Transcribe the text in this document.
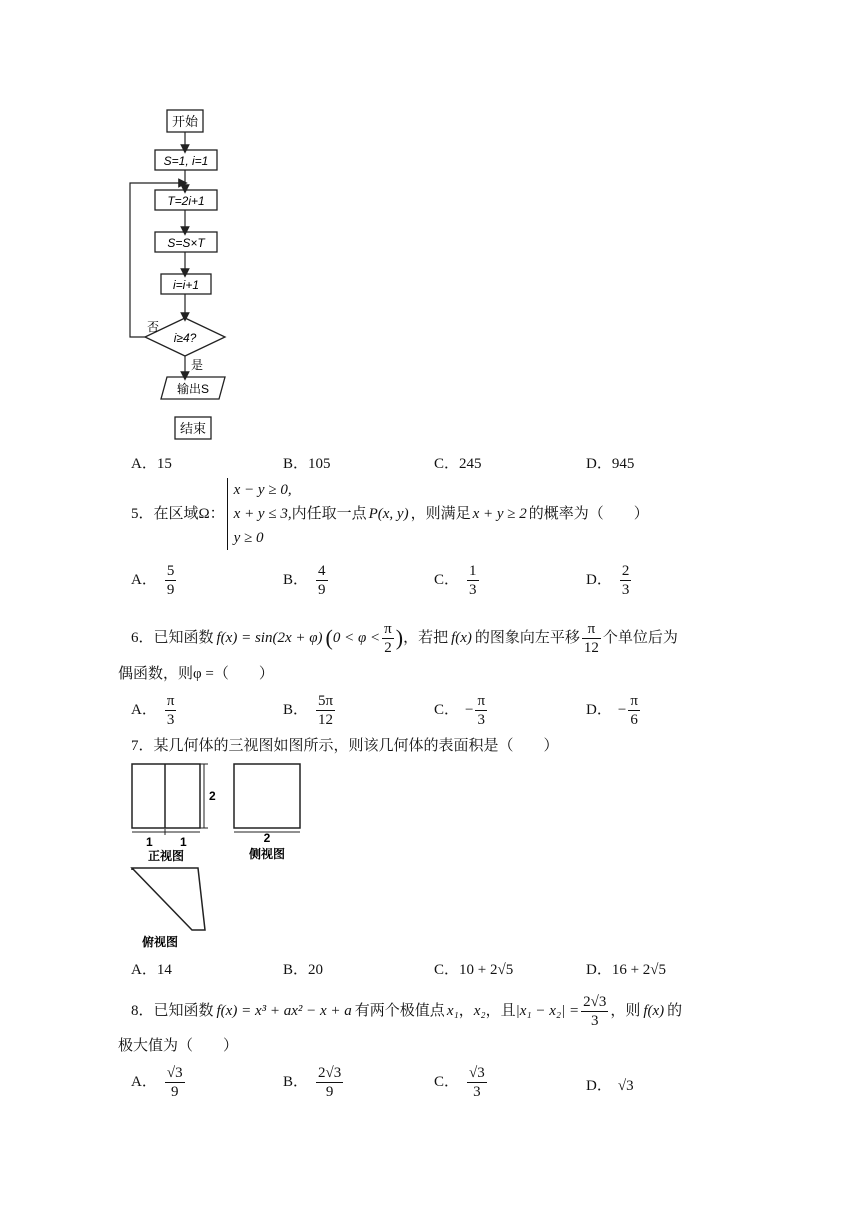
开始
S=1, i=1
T=2i+1
S=S×T
i=i+1
i≥4?
否
是
输出S
结束
A．15	B．105	C．245	D．945
5．在区域Ω：
x − y ≥ 0,
x + y ≤ 3,
y ≥ 0
内任取一点 P(x, y) ，则满足 x + y ≥ 2 的概率为（　　）
A． $\frac{5}{9}$	B． $\frac{4}{9}$	C． $\frac{1}{3}$	D． $\frac{2}{3}$
6．已知函数 f(x) = sin(2x + φ) ( $0 < \varphi < \frac{\pi}{2}$ ) ，若把 f(x) 的图象向左平移 $\frac{\pi}{12}$ 个单位后为
偶函数，则φ =（　　）
A． $\frac{\pi}{3}$	B． $\frac{5\pi}{12}$	C． − $\frac{\pi}{3}$	D． − $\frac{\pi}{6}$
7．某几何体的三视图如图所示，则该几何体的表面积是（　　）
2
1 1
正视图
2
侧视图
俯视图
A．14	B．20	C．10 + 2√5	D．16 + 2√5
8．已知函数 f(x) = x³ + ax² − x + a 有两个极值点 x₁ ， x₂ ，且 $|x_1 - x_2| = \frac{2√3}{3}$ ，则 f(x) 的
极大值为（　　）
A． $\frac{√3}{9}$	B． $\frac{2√3}{9}$	C． $\frac{√3}{3}$	D． √3
